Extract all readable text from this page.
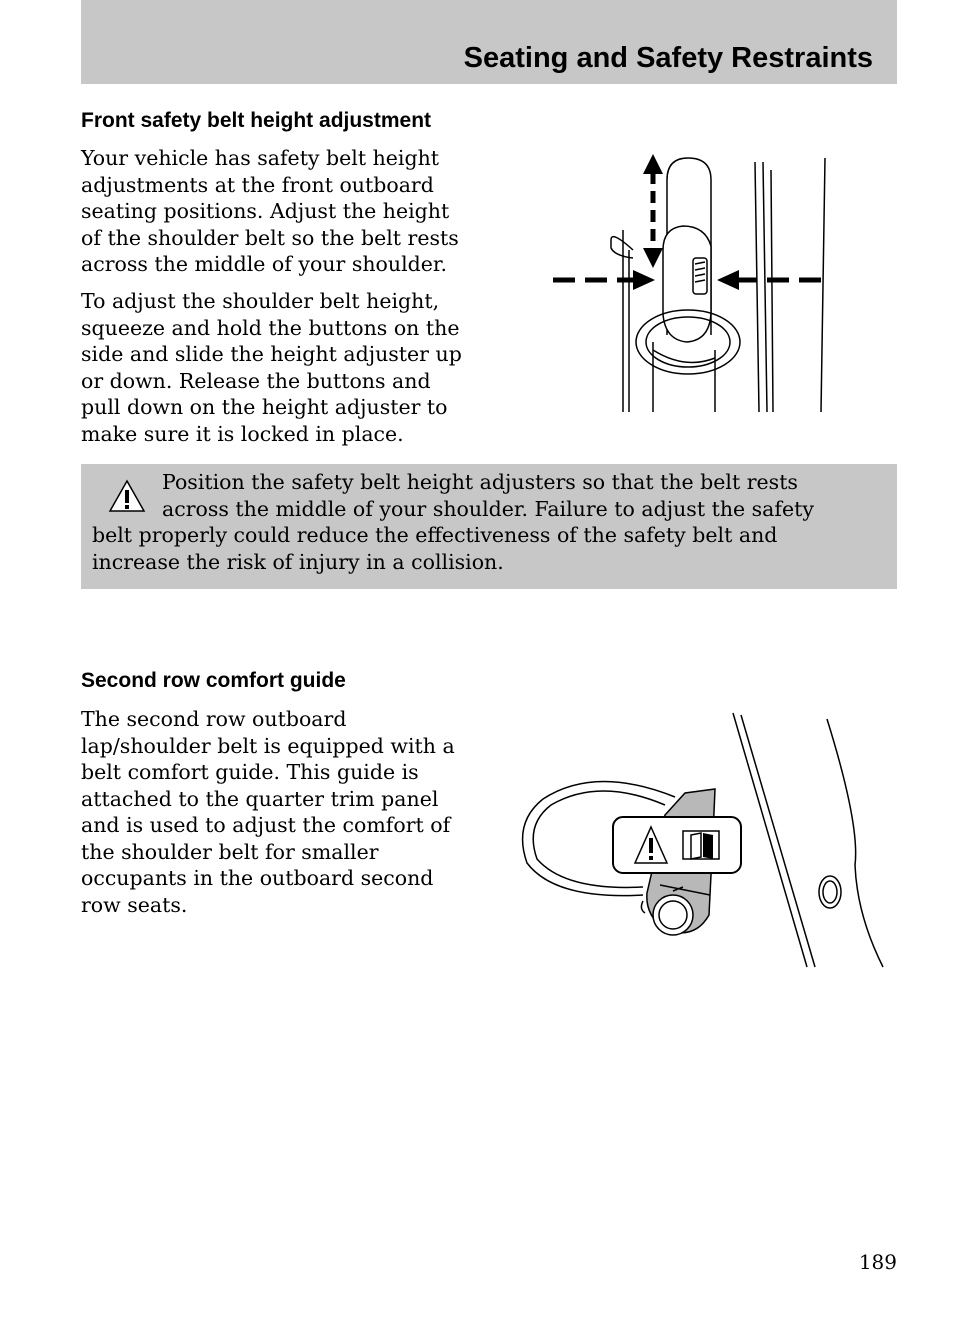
Seating and Safety Restraints
Front safety belt height adjustment
Your vehicle has safety belt height
adjustments at the front outboard
seating positions. Adjust the height
of the shoulder belt so the belt rests
across the middle of your shoulder.
To adjust the shoulder belt height,
squeeze and hold the buttons on the
side and slide the height adjuster up
or down. Release the buttons and
pull down on the height adjuster to
make sure it is locked in place.
Position the safety belt height adjusters so that the belt rests
across the middle of your shoulder. Failure to adjust the safety
belt properly could reduce the effectiveness of the safety belt and
increase the risk of injury in a collision.
Second row comfort guide
The second row outboard
lap/shoulder belt is equipped with a
belt comfort guide. This guide is
attached to the quarter trim panel
and is used to adjust the comfort of
the shoulder belt for smaller
occupants in the outboard second
row seats.
189
